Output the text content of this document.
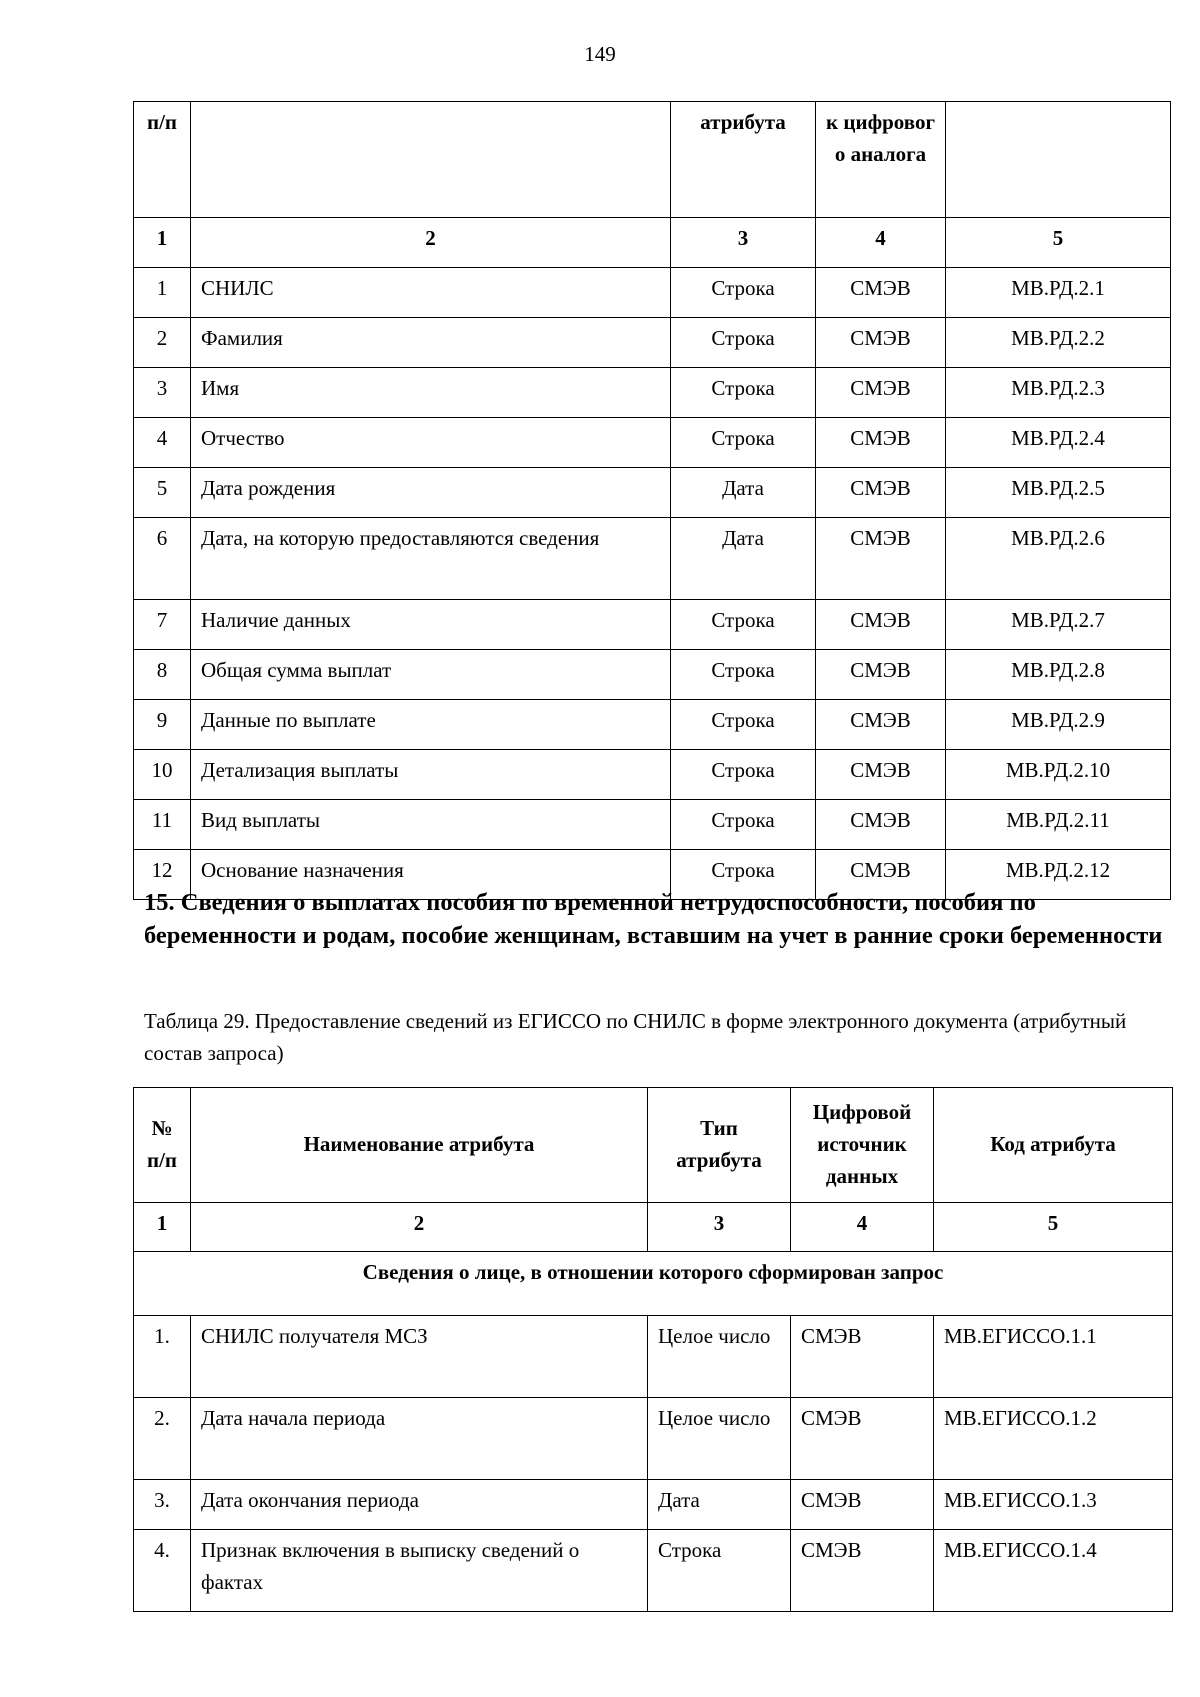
149
п/п		атрибута	к цифровог о аналога	
1	2	3	4	5
1	СНИЛС	Строка	СМЭВ	МВ.РД.2.1
2	Фамилия	Строка	СМЭВ	МВ.РД.2.2
3	Имя	Строка	СМЭВ	МВ.РД.2.3
4	Отчество	Строка	СМЭВ	МВ.РД.2.4
5	Дата рождения	Дата	СМЭВ	МВ.РД.2.5
6	Дата, на которую предоставляются сведения	Дата	СМЭВ	МВ.РД.2.6
7	Наличие данных	Строка	СМЭВ	МВ.РД.2.7
8	Общая сумма выплат	Строка	СМЭВ	МВ.РД.2.8
9	Данные по выплате	Строка	СМЭВ	МВ.РД.2.9
10	Детализация выплаты	Строка	СМЭВ	МВ.РД.2.10
11	Вид выплаты	Строка	СМЭВ	МВ.РД.2.11
12	Основание назначения	Строка	СМЭВ	МВ.РД.2.12

15. Сведения о выплатах пособия по временной нетрудоспособности, пособия по беременности и родам, пособие женщинам, вставшим на учет в ранние сроки беременности

Таблица 29. Предоставление сведений из ЕГИССО по СНИЛС в форме электронного документа (атрибутный состав запроса)

№ п/п	Наименование атрибута	Тип атрибута	Цифровой источник данных	Код атрибута
1	2	3	4	5
Сведения о лице, в отношении которого сформирован запрос				
1.	СНИЛС получателя МСЗ	Целое число	СМЭВ	МВ.ЕГИССО.1.1
2.	Дата начала периода	Целое число	СМЭВ	МВ.ЕГИССО.1.2
3.	Дата окончания периода	Дата	СМЭВ	МВ.ЕГИССО.1.3
4.	Признак включения в выписку сведений о фактах	Строка	СМЭВ	МВ.ЕГИССО.1.4
